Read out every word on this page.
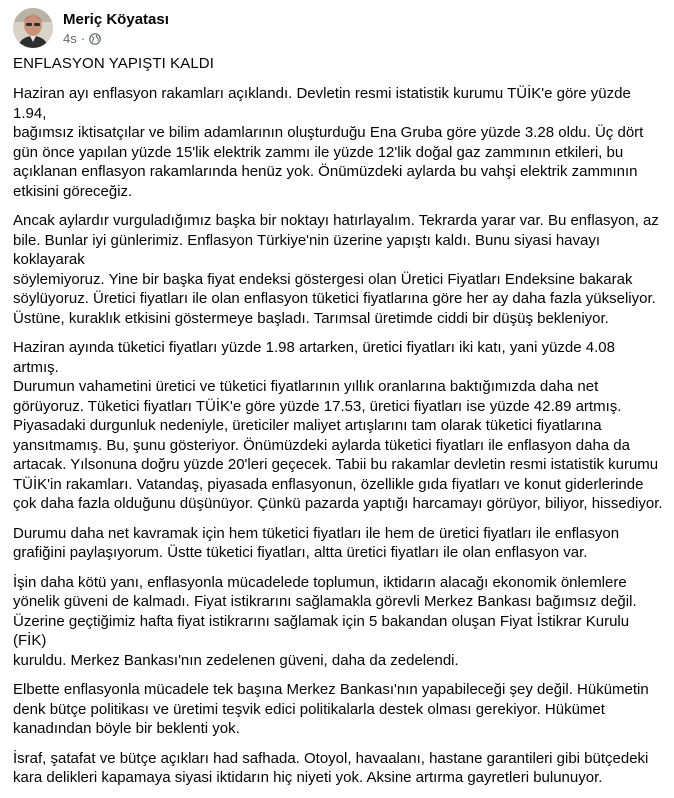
Meriç Köyatası
4s ·

ENFLASYON YAPIŞTI KALDI

Haziran ayı enflasyon rakamları açıklandı. Devletin resmi istatistik kurumu TÜİK'e göre yüzde 1.94,
bağımsız iktisatçılar ve bilim adamlarının oluşturduğu Ena Gruba göre yüzde 3.28 oldu. Üç dört
gün önce yapılan yüzde 15'lik elektrik zammı ile yüzde 12'lik doğal gaz zammının etkileri, bu
açıklanan enflasyon rakamlarında henüz yok. Önümüzdeki aylarda bu vahşi elektrik zammının
etkisini göreceğiz.

Ancak aylardır vurguladığımız başka bir noktayı hatırlayalım. Tekrarda yarar var. Bu enflasyon, az
bile. Bunlar iyi günlerimiz. Enflasyon Türkiye'nin üzerine yapıştı kaldı. Bunu siyasi havayı koklayarak
söylemiyoruz. Yine bir başka fiyat endeksi göstergesi olan Üretici Fiyatları Endeksine bakarak
söylüyoruz. Üretici fiyatları ile olan enflasyon tüketici fiyatlarına göre her ay daha fazla yükseliyor.
Üstüne, kuraklık etkisini göstermeye başladı. Tarımsal üretimde ciddi bir düşüş bekleniyor.

Haziran ayında tüketici fiyatları yüzde 1.98 artarken, üretici fiyatları iki katı, yani yüzde 4.08 artmış.
Durumun vahametini üretici ve tüketici fiyatlarının yıllık oranlarına baktığımızda daha net
görüyoruz. Tüketici fiyatları TÜİK'e göre yüzde 17.53, üretici fiyatları ise yüzde 42.89 artmış.
Piyasadaki durgunluk nedeniyle, üreticiler maliyet artışlarını tam olarak tüketici fiyatlarına
yansıtmamış. Bu, şunu gösteriyor. Önümüzdeki aylarda tüketici fiyatları ile enflasyon daha da
artacak. Yılsonuna doğru yüzde 20'leri geçecek. Tabii bu rakamlar devletin resmi istatistik kurumu
TÜİK'in rakamları. Vatandaş, piyasada enflasyonun, özellikle gıda fiyatları ve konut giderlerinde
çok daha fazla olduğunu düşünüyor. Çünkü pazarda yaptığı harcamayı görüyor, biliyor, hissediyor.

Durumu daha net kavramak için hem tüketici fiyatları ile hem de üretici fiyatları ile enflasyon
grafiğini paylaşıyorum. Üstte tüketici fiyatları, altta üretici fiyatları ile olan enflasyon var.

İşin daha kötü yanı, enflasyonla mücadelede toplumun, iktidarın alacağı ekonomik önlemlere
yönelik güveni de kalmadı. Fiyat istikrarını sağlamakla görevli Merkez Bankası bağımsız değil.
Üzerine geçtiğimiz hafta fiyat istikrarını sağlamak için 5 bakandan oluşan Fiyat İstikrar Kurulu (FİK)
kuruldu. Merkez Bankası'nın zedelenen güveni, daha da zedelendi.

Elbette enflasyonla mücadele tek başına Merkez Bankası'nın yapabileceği şey değil. Hükümetin
denk bütçe politikası ve üretimi teşvik edici politikalarla destek olması gerekiyor. Hükümet
kanadından böyle bir beklenti yok.

İsraf, şatafat ve bütçe açıkları had safhada. Otoyol, havaalanı, hastane garantileri gibi bütçedeki
kara delikleri kapamaya siyasi iktidarın hiç niyeti yok. Aksine artırma gayretleri bulunuyor.
